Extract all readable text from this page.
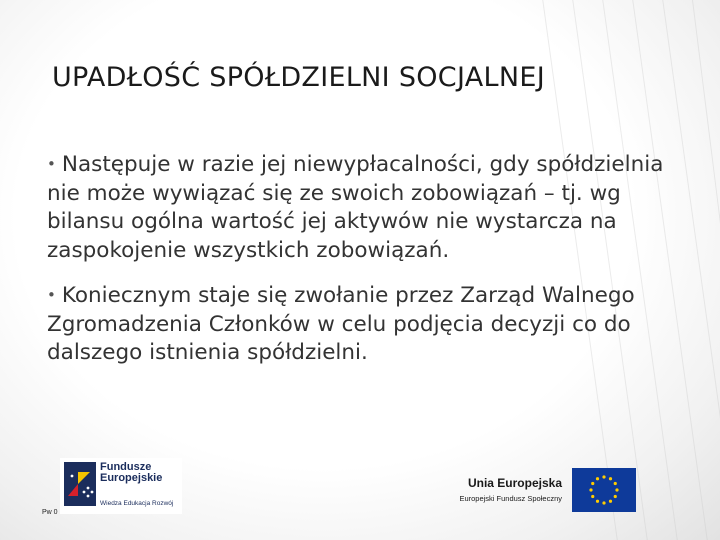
UPADŁOŚĆ SPÓŁDZIELNI SOCJALNEJ

• Następuje w razie jej niewypłacalności, gdy spółdzielnia nie może wywiązać się ze swoich zobowiązań – tj. wg bilansu ogólna wartość jej aktywów nie wystarcza na zaspokojenie wszystkich zobowiązań.

• Koniecznym staje się zwołanie przez Zarząd Walnego Zgromadzenia Członków w celu podjęcia decyzji co do dalszego istnienia spółdzielni.

Fundusze
Europejskie
Wiedza Edukacja Rozwój
Unia Europejska
Europejski Fundusz Społeczny
Pw 0
